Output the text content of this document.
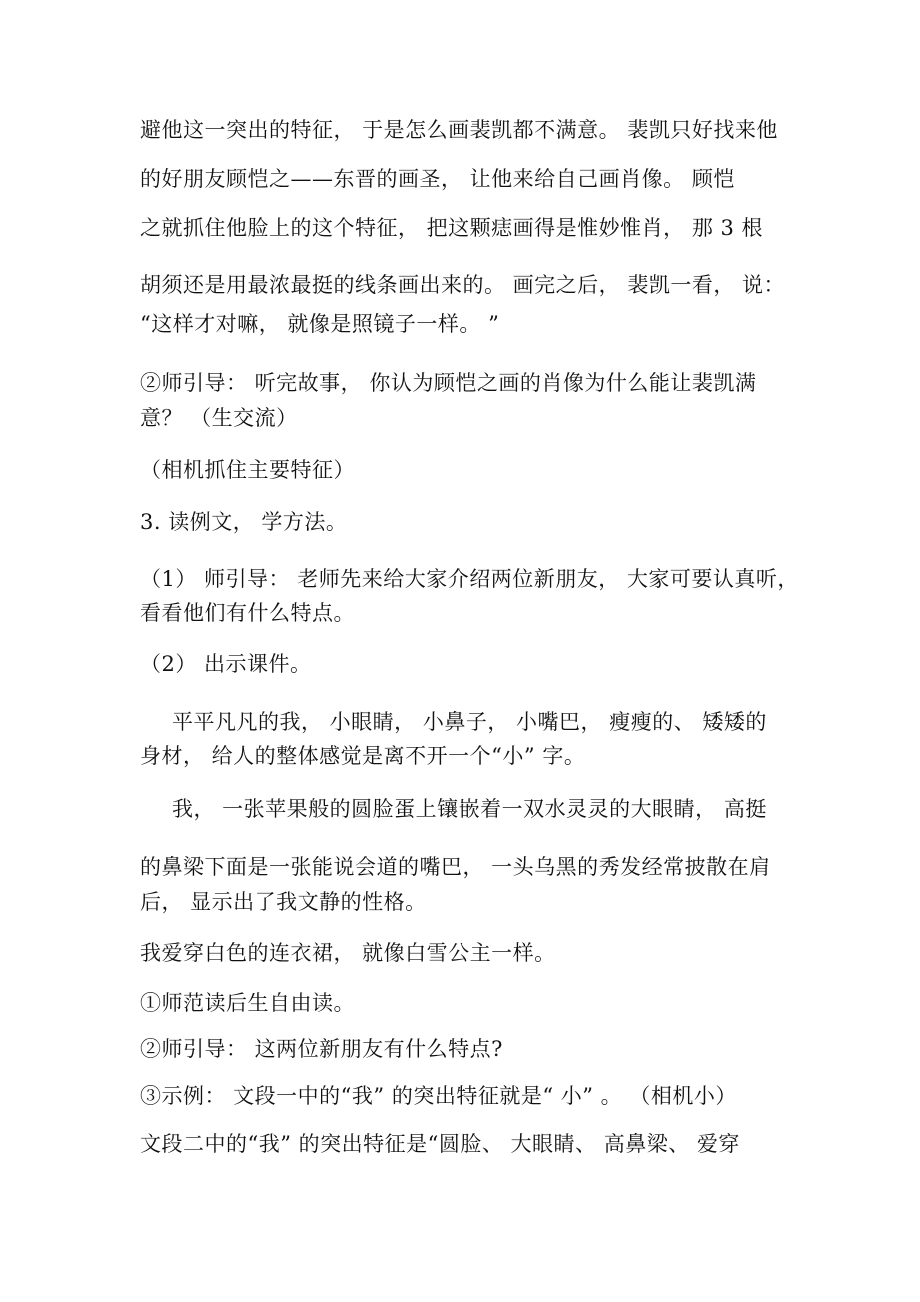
避他这一突出的特征， 于是怎么画裴凯都不满意。 裴凯只好找来他
的好朋友顾恺之——东晋的画圣， 让他来给自己画肖像。 顾恺
之就抓住他脸上的这个特征， 把这颗痣画得是惟妙惟肖， 那 3 根
胡须还是用最浓最挺的线条画出来的。 画完之后， 裴凯一看， 说：
“这样才对嘛， 就像是照镜子一样。 ”
②师引导： 听完故事， 你认为顾恺之画的肖像为什么能让裴凯满
意？ （生交流）
（相机抓住主要特征）
3. 读例文， 学方法。
（1） 师引导： 老师先来给大家介绍两位新朋友， 大家可要认真听，
看看他们有什么特点。
（2） 出示课件。
平平凡凡的我， 小眼睛， 小鼻子， 小嘴巴， 瘦瘦的、 矮矮的
身材， 给人的整体感觉是离不开一个“小” 字。
我， 一张苹果般的圆脸蛋上镶嵌着一双水灵灵的大眼睛， 高挺
的鼻梁下面是一张能说会道的嘴巴， 一头乌黑的秀发经常披散在肩
后， 显示出了我文静的性格。
我爱穿白色的连衣裙， 就像白雪公主一样。
①师范读后生自由读。
②师引导： 这两位新朋友有什么特点?
③示例： 文段一中的“我” 的突出特征就是“ 小” 。 （相机小）
文段二中的“我” 的突出特征是“圆脸、 大眼睛、 高鼻梁、 爱穿
